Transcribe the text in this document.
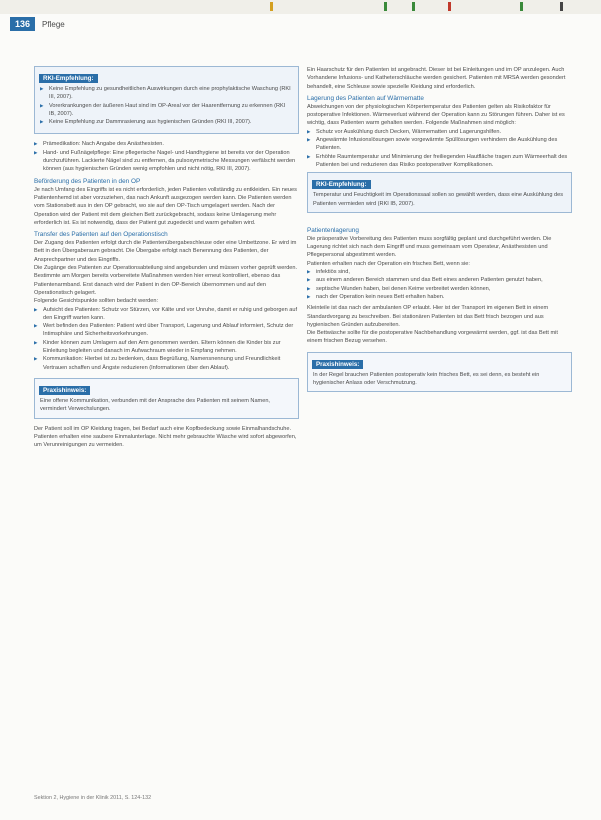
136	Pflege
RKI-Empfehlung:
▶ Keine Empfehlung zu gesundheitlichen Auswirkungen durch eine prophylaktische Waschung (RKI III, 2007).
▶ Vorerkrankungen der äußeren Haut sind im OP-Areal vor der Haarentfernung zu erkennen (RKI IB, 2007).
▶ Keine Empfehlung zur Dammrasierung aus hygienischen Gründen (RKI III, 2007).
▶ Prämedikation: Nach Angabe des Anästhesisten.
▶ Hand- und Fußnägelpflege: Eine pflegerische Nagel- und Handhygiene ist bereits vor der Operation durchzuführen. Lackierte Nägel sind zu entfernen, da pulsoxymetrische Messungen verfälscht werden können (aus hygienischen Gründen wenig empfohlen und nicht nötig, RKI III, 2007).
Beförderung des Patienten in den OP

Je nach Umfang des Eingriffs ist es nicht erforderlich, jeden Patienten vollständig zu entkleiden. Ein neues Patientenhemd ist aber vorzuziehen, das nach Ankunft ausgezogen werden kann. Die Patienten werden vom Stationsbett aus in den OP gebracht, wo sie auf den OP-Tisch umgelagert werden. Nach der Operation wird der Patient mit dem gleichen Bett zurückgebracht, sodass keine Umlagerung mehr erforderlich ist. Es ist notwendig, dass der Patient gut zugedeckt und warm gehalten wird.

Transfer des Patienten auf den Operationstisch

Der Zugang des Patienten erfolgt durch die Patientenübergabeschleuse oder eine Umbettzone. Er wird im Bett in den Übergaberaum gebracht. Die Übergabe erfolgt nach Benennung des Patienten, der Ansprechpartner und des Eingriffs.

Die Zugänge des Patienten zur Operationsabteilung sind angebunden und müssen vorher geprüft werden. Bestimmte am Morgen bereits vorbereitete Maßnahmen werden hier erneut kontrolliert, ebenso das Patientenarmband. Erst danach wird der Patient in den OP-Bereich übernommen und auf den Operationstisch gelagert.

Folgende Gesichtspunkte sollten bedacht werden:

▶ Aufsicht des Patienten: Schutz vor Stürzen, vor Kälte und vor Unruhe, damit er ruhig und geborgen auf den Eingriff warten kann.
▶ Wert befinden des Patienten: Patient wird über Transport, Lagerung und Ablauf informiert, Schutz der Intimsphäre und Sicherheitsvorkehrungen.
▶ Kinder können zum Umlagern auf den Arm genommen werden. Eltern können die Kinder bis zur Einleitung begleiten und danach im Aufwachraum wieder in Empfang nehmen.
▶ Kommunikation: Hierbei ist zu bedenken, dass Begrüßung, Namensnennung und Freundlichkeit Vertrauen schaffen und Ängste reduzieren (Informationen über den Ablauf).
Praxishinweis:

Eine offene Kommunikation, verbunden mit der Ansprache des Patienten mit seinem Namen, vermindert Verwechslungen.

Der Patient soll im OP Kleidung tragen, bei Bedarf auch eine Kopfbedeckung sowie Einmalhandschuhe. Patienten erhalten eine saubere Einmalunterlage. Nicht mehr gebrauchte Wäsche wird sofort abgeworfen, um Verunreinigungen zu vermeiden.

Ein Haarschutz für den Patienten ist angebracht. Dieser ist bei Einleitungen und im OP anzulegen. Auch Vorhandene Infusions- und Katheterschläuche werden gesichert. Patienten mit MRSA werden gesondert behandelt, eine Schleuse sowie spezielle Kleidung sind erforderlich.

Lagerung des Patienten auf Wärmematte

Abweichungen von der physiologischen Körpertemperatur des Patienten gelten als Risikofaktor für postoperative Infektionen. Wärmeverlust während der Operation kann zu Störungen führen. Daher ist es wichtig, dass Patienten warm gehalten werden. Folgende Maßnahmen sind möglich:

▶ Schutz vor Auskühlung durch Decken, Wärmematten und Lagerungshilfen.
▶ Angewärmte Infusionslösungen sowie vorgewärmte Spüllösungen verhindern die Auskühlung des Patienten.
▶ Erhöhte Raumtemperatur und Minimierung der freiliegenden Hautfläche tragen zum Wärmeerhalt des Patienten bei und reduzieren das Risiko postoperativer Komplikationen.
RKI-Empfehlung:

Temperatur und Feuchtigkeit im Operationssaal sollen so gewählt werden, dass eine Auskühlung des Patienten vermieden wird (RKI IB, 2007).

Patientenlagerung

Die präoperative Vorbereitung des Patienten muss sorgfältig geplant und durchgeführt werden. Die Lagerung richtet sich nach dem Eingriff und muss gemeinsam vom Operateur, Anästhesisten und Pflegepersonal abgestimmt werden.

Patienten erhalten nach der Operation ein frisches Bett, wenn sie:

▶ infektiös sind,
▶ aus einem anderen Bereich stammen und das Bett eines anderen Patienten genutzt haben,
▶ septische Wunden haben, bei denen Keime verbreitet werden können,
▶ nach der Operation kein neues Bett erhalten haben.

Kleinteile ist das nach der ambulanten OP erlaubt. Hier ist der Transport im eigenen Bett in einem Standardvorgang zu beschreiben. Bei stationären Patienten ist das Bett frisch bezogen und aus hygienischen Gründen aufzubereiten.

Die Bettwäsche sollte für die postoperative Nachbehandlung vorgewärmt werden, ggf. ist das Bett mit einem frischen Bezug versehen.

Praxishinweis:

In der Regel brauchen Patienten postoperativ kein frisches Bett, es sei denn, es besteht ein hygienischer Anlass oder Verschmutzung.

Sektion 2, Hygiene in der Klinik 2011, S. 124-132
